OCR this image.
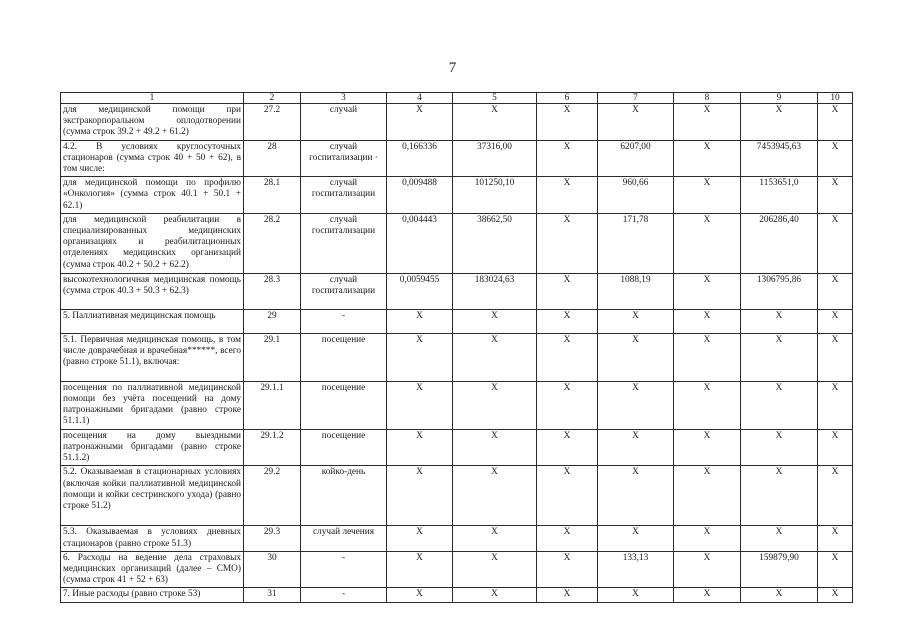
7
1	2	3	4	5	6	7	8	9	10
для медицинской помощи при экстракорпоральном оплодотворении (сумма строк 39.2 + 49.2 + 61.2)	27.2	случай	X	X	X	X	X	X	X
4.2. В условиях круглосуточных стационаров (сумма строк 40 + 50 + 62), в том числе:	28	случай госпитализации ·	0,166336	37316,00	X	6207,00	X	7453945,63	X
для медицинской помощи по профилю «Онкология» (сумма строк 40.1 + 50.1 + 62.1)	28.1	случай госпитализации	0,009488	101250,10	X	960,66	X	1153651,0	X
для медицинской реабилитации в специализированных медицинских организациях и реабилитационных отделениях медицинских организаций (сумма строк 40.2 + 50.2 + 62.2)	28.2	случай госпитализации	0,004443	38662,50	X	171,78	X	206286,40	X
высокотехнологичная медицинская помощь (сумма строк 40.3 + 50.3 + 62.3)	28.3	случай госпитализации	0,0059455	183024,63	X	1088,19	X	1306795,86	X
5. Паллиативная медицинская помощь	29	-	X	X	X	X	X	X	X
5.1. Первичная медицинская помощь, в том числе доврачебная и врачебная******, всего (равно строке 51.1), включая:	29.1	посещение	X	X	X	X	X	X	X
посещения по паллиативной медицинской помощи без учёта посещений на дому патронажными бригадами (равно строке 51.1.1)	29.1.1	посещение	X	X	X	X	X	X	X
посещения на дому выездными патронажными бригадами (равно строке 51.1.2)	29.1.2	посещение	X	X	X	X	X	X	X
5.2. Оказываемая в стационарных условиях (включая койки паллиативной медицинской помощи и койки сестринского ухода) (равно строке 51.2)	29.2	койко-день	X	X	X	X	X	X	X
5.3. Оказываемая в условиях дневных стационаров (равно строке 51.3)	29.3	случай лечения	X	X	X	X	X	X	X
6. Расходы на ведение дела страховых медицинских организаций (далее – СМО) (сумма строк 41 + 52 + 63)	30	-	X	X	X	133,13	X	159879,90	X
7. Иные расходы (равно строке 53)	31	-	X	X	X	X	X	X	X
